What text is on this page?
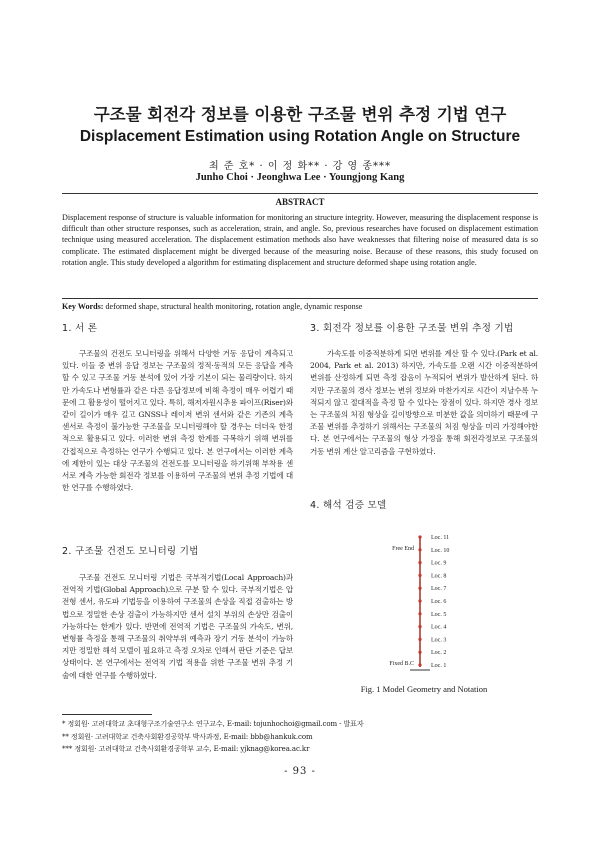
구조물 회전각 정보를 이용한 구조물 변위 추정 기법 연구
Displacement Estimation using Rotation Angle on Structure
최 준 호* · 이 정 화** · 강 영 종***
Junho Choi · Jeonghwa Lee · Youngjong Kang
ABSTRACT
Displacement response of structure is valuable information for monitoring an structure integrity. However, measuring the displacement response is difficult than other structure responses, such as acceleration, strain, and angle. So, previous researches have focused on displacement estimation technique using measured acceleration. The displacement estimation methods also have weaknesses that filtering noise of measured data is so complicate. The estimated displacement might be diverged because of the measuring noise. Because of these reasons, this study focused on rotation angle. This study developed a algorithm for estimating displacement and structure deformed shape using rotation angle.
Key Words: deformed shape, structural health monitoring, rotation angle, dynamic response
1. 서 론

구조물의 건전도 모니터링을 위해서 다양한 거동 응답이 계측되고 있다. 이들 중 변위 응답 정보는 구조물의 정적·동적의 모든 응답을 계측 할 수 있고 구조물 거동 분석에 있어 가장 기본이 되는 물리량이다. 하지만 가속도나 변형률과 같은 다른 응답정보에 비해 측정이 매우 어렵기 때문에 그 활용성이 떨어지고 있다. 특히, 해저자원시추용 파이프(Riser)와 같이 길이가 매우 길고 GNSS나 레이저 변위 센서와 같은 기존의 계측 센서로 측정이 불가능한 구조물을 모니터링해야 할 경우는 더더욱 한정적으로 활용되고 있다. 이러한 변위 측정 한계를 극복하기 위해 변위를 간접적으로 측정하는 연구가 수행되고 있다. 본 연구에서는 이러한 계측에 제한이 있는 대상 구조물의 건전도를 모니터링을 하기위해 부착용 센서로 계측 가능한 회전각 정보를 이용하여 구조물의 변위 추정 기법에 대한 연구를 수행하였다.

2. 구조물 건전도 모니터링 기법

구조물 건전도 모니터링 기법은 국부적기법(Local Approach)과 전역적 기법(Global Approach)으로 구분 할 수 있다. 국부적기법은 압전형 센서, 유도파 기법등을 이용하여 구조물의 손상을 직접 검출하는 방법으로 정밀한 손상 검출이 가능하지만 센서 설치 부위의 손상만 검출이 가능하다는 한계가 있다. 반면에 전역적 기법은 구조물의 가속도, 변위, 변형률 측정을 통해 구조물의 취약부위 예측과 장기 거동 분석이 가능하지만 정밀한 해석 모델이 필요하고 측정 오차로 인해서 판단 기준은 답보 상태이다. 본 연구에서는 전역적 기법 적용을 위한 구조물 변위 추정 기술에 대한 연구를 수행하였다.

3. 회전각 정보를 이용한 구조물 변위 추정 기법

가속도를 이중적분하게 되면 변위를 계산 할 수 있다.(Park et al. 2004, Park et al. 2013) 하지만, 가속도를 오랜 시간 이중적분하여 변위를 산정하게 되면 측정 잡음이 누적되어 변위가 발산하게 된다. 하지만 구조물의 경사 정보는 변위 정보와 마찬가지로 시간이 지날수록 누적되지 않고 절대적을 측정 할 수 있다는 장점이 있다. 하지만 경사 정보는 구조물의 처짐 형상을 길이방향으로 미분한 값을 의미하기 때문에 구조물 변위를 추정하기 위해서는 구조물의 처짐 형상을 미리 가정해야한다. 본 연구에서는 구조물의 형상 가정을 통해 회전각정보로 구조물의 거동 변위 계산 알고리즘을 구현하였다.

4. 해석 검증 모델
Loc. 11
Loc. 10
Loc. 9
Loc. 8
Loc. 7
Loc. 6
Loc. 5
Loc. 4
Loc. 3
Loc. 2
Loc. 1
Free End
Fixed B.C
Fig. 1 Model Geometry and Notation
* 정회원· 고려대학교 초대형구조기술연구소 연구교수, E-mail: tojunhochoi@gmail.com - 발표자
** 정회원· 고려대학교 건축사회환경공학부 박사과정, E-mail: bbb@hankuk.com
*** 정회원· 고려대학교 건축사회환경공학부 교수, E-mail: yjknag@korea.ac.kr
- 93 -
